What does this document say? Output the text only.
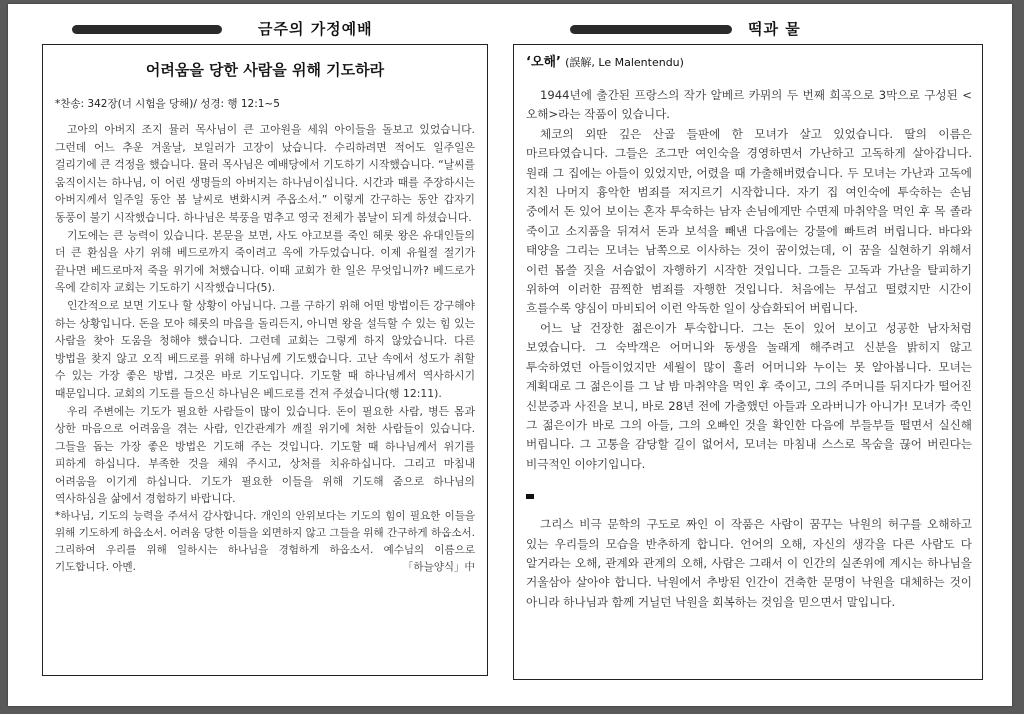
금주의 가정예배	떡과 물
어려움을 당한 사람을 위해 기도하라
*찬송: 342장(너 시험을 당해)/ 성경: 행 12:1~5

고아의 아버지 조지 뮬러 목사님이 큰 고아원을 세워 아이들을 돌보고 있었습니다. 그런데 어느 추운 겨울날, 보일러가 고장이 났습니다. 수리하려면 적어도 일주일은 걸리기에 큰 걱정을 했습니다. 뮬러 목사님은 예배당에서 기도하기 시작했습니다. “날씨를 움직이시는 하나님, 이 어린 생명들의 아버지는 하나님이십니다. 시간과 때를 주장하시는 아버지께서 일주일 동안 봄 날씨로 변화시켜 주옵소서.” 이렇게 간구하는 동안 갑자기 동풍이 불기 시작했습니다. 하나님은 북풍을 멈추고 영국 전체가 봄날이 되게 하셨습니다.

기도에는 큰 능력이 있습니다. 본문을 보면, 사도 야고보를 죽인 헤롯 왕은 유대인들의 더 큰 환심을 사기 위해 베드로까지 죽이려고 옥에 가두었습니다. 이제 유월절 절기가 끝나면 베드로마저 죽을 위기에 처했습니다. 이때 교회가 한 일은 무엇입니까? 베드로가 옥에 갇히자 교회는 기도하기 시작했습니다(5).

인간적으로 보면 기도나 할 상황이 아닙니다. 그를 구하기 위해 어떤 방법이든 강구해야 하는 상황입니다. 돈을 모아 헤롯의 마음을 돌리든지, 아니면 왕을 설득할 수 있는 힘 있는 사람을 찾아 도움을 청해야 했습니다. 그런데 교회는 그렇게 하지 않았습니다. 다른 방법을 찾지 않고 오직 베드로를 위해 하나님께 기도했습니다. 고난 속에서 성도가 취할 수 있는 가장 좋은 방법, 그것은 바로 기도입니다. 기도할 때 하나님께서 역사하시기 때문입니다. 교회의 기도를 들으신 하나님은 베드로를 건져 주셨습니다(행 12:11).

우리 주변에는 기도가 필요한 사람들이 많이 있습니다. 돈이 필요한 사람, 병든 몸과 상한 마음으로 어려움을 겪는 사람, 인간관계가 깨질 위기에 처한 사람들이 있습니다. 그들을 돕는 가장 좋은 방법은 기도해 주는 것입니다. 기도할 때 하나님께서 위기를 피하게 하십니다. 부족한 것을 채워 주시고, 상처를 치유하십니다. 그리고 마침내 어려움을 이기게 하십니다. 기도가 필요한 이들을 위해 기도해 줌으로 하나님의 역사하심을 삶에서 경험하기 바랍니다.

*하나님, 기도의 능력을 주셔서 감사합니다. 개인의 안위보다는 기도의 힘이 필요한 이들을 위해 기도하게 하옵소서. 어려움 당한 이들을 외면하지 않고 그들을 위해 간구하게 하옵소서. 그리하여 우리를 위해 일하시는 하나님을 경험하게 하옵소서. 예수님의 이름으로 기도합니다. 아멘.	「하늘양식」中
‘오해’ (誤解, Le Malentendu)

1944년에 출간된 프랑스의 작가 알베르 카뮈의 두 번째 희곡으로 3막으로 구성된 <오해>라는 작품이 있습니다.

체코의 외딴 깊은 산골 들판에 한 모녀가 살고 있었습니다. 딸의 이름은 마르타였습니다. 그들은 조그만 여인숙을 경영하면서 가난하고 고독하게 살아갑니다. 원래 그 집에는 아들이 있었지만, 어렸을 때 가출해버렸습니다. 두 모녀는 가난과 고독에 지친 나머지 흉악한 범죄를 저지르기 시작합니다. 자기 집 여인숙에 투숙하는 손님 중에서 돈 있어 보이는 혼자 투숙하는 남자 손님에게만 수면제 마취약을 먹인 후 목 졸라 죽이고 소지품을 뒤져서 돈과 보석을 빼낸 다음에는 강물에 빠트려 버립니다. 바다와 태양을 그리는 모녀는 남쪽으로 이사하는 것이 꿈이었는데, 이 꿈을 실현하기 위해서 이런 몹쓸 짓을 서슴없이 자행하기 시작한 것입니다. 그들은 고독과 가난을 탈피하기 위하여 이러한 끔찍한 범죄를 자행한 것입니다. 처음에는 무섭고 떨렸지만 시간이 흐를수록 양심이 마비되어 이런 악독한 일이 상습화되어 버립니다.

어느 날 건장한 젊은이가 투숙합니다. 그는 돈이 있어 보이고 성공한 남자처럼 보였습니다. 그 숙박객은 어머니와 동생을 놀래게 해주려고 신분을 밝히지 않고 투숙하였던 아들이었지만 세월이 많이 흘러 어머니와 누이는 못 알아봅니다. 모녀는 계획대로 그 젊은이를 그 날 밤 마취약을 먹인 후 죽이고, 그의 주머니를 뒤지다가 떨어진 신분증과 사진을 보니, 바로 28년 전에 가출했던 아들과 오라버니가 아니가! 모녀가 죽인 그 젊은이가 바로 그의 아들, 그의 오빠인 것을 확인한 다음에 부들부들 떨면서 실신해 버립니다. 그 고통을 감당할 길이 없어서, 모녀는 마침내 스스로 목숨을 끊어 버린다는 비극적인 이야기입니다.

그리스 비극 문학의 구도로 짜인 이 작품은 사람이 꿈꾸는 낙원의 허구를 오해하고 있는 우리들의 모습을 반추하게 합니다. 언어의 오해, 자신의 생각을 다른 사람도 다 알거라는 오해, 관계와 관계의 오해, 사람은 그래서 이 인간의 실존위에 계시는 하나님을 거울삼아 살아야 합니다. 낙원에서 추방된 인간이 건축한 문명이 낙원을 대체하는 것이 아니라 하나님과 함께 거닐던 낙원을 회복하는 것임을 믿으면서 말입니다.
